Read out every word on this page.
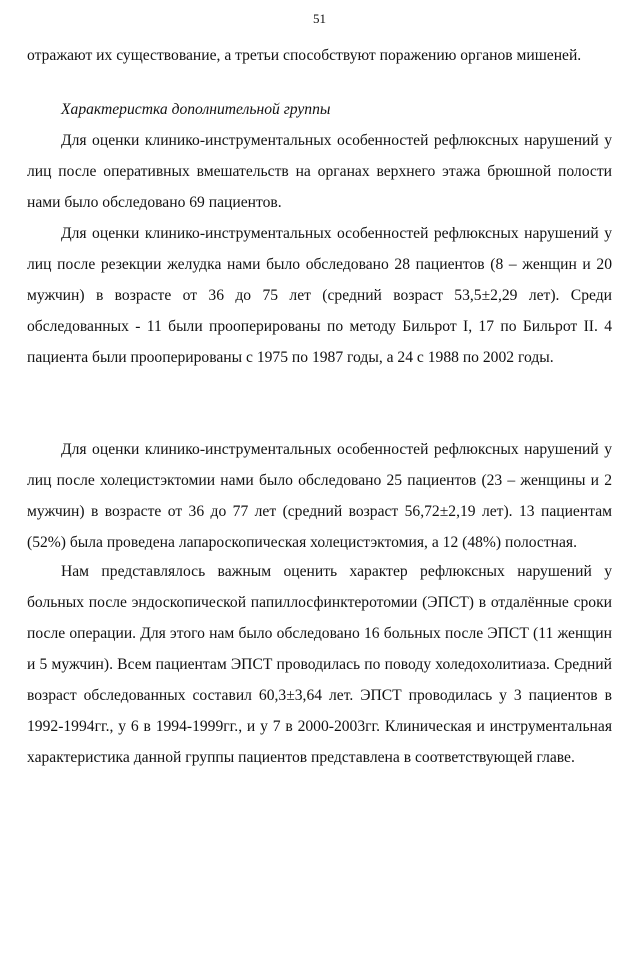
51

отражают их существование, а третьи способствуют поражению органов мишеней.

Характеристка дополнительной группы

Для оценки клинико-инструментальных особенностей рефлюксных нарушений у лиц после оперативных вмешательств на органах верхнего этажа брюшной полости нами было обследовано 69 пациентов.

Для оценки клинико-инструментальных особенностей рефлюксных нарушений у лиц после резекции желудка нами было обследовано 28 пациентов (8 – женщин и 20 мужчин) в возрасте от 36 до 75 лет (средний возраст 53,5±2,29 лет). Среди обследованных - 11 были прооперированы по методу Бильрот I, 17 по Бильрот II. 4 пациента были прооперированы с 1975 по 1987 годы, а 24 с 1988 по 2002 годы.

Для оценки клинико-инструментальных особенностей рефлюксных нарушений у лиц после холецистэктомии нами было обследовано 25 пациентов (23 – женщины и 2 мужчин) в возрасте от 36 до 77 лет (средний возраст 56,72±2,19 лет). 13 пациентам (52%) была проведена лапароскопическая холецистэктомия, а 12 (48%) полостная.

Нам представлялось важным оценить характер рефлюксных нарушений у больных после эндоскопической папиллосфинктеротомии (ЭПСТ) в отдалённые сроки после операции. Для этого нам было обследовано 16 больных после ЭПСТ (11 женщин и 5 мужчин). Всем пациентам ЭПСТ проводилась по поводу холедохолитиаза. Средний возраст обследованных составил 60,3±3,64 лет. ЭПСТ проводилась у 3 пациентов в 1992-1994гг., у 6 в 1994-1999гг., и у 7 в 2000-2003гг. Клиническая и инструментальная характеристика данной группы пациентов представлена в соответствующей главе.
